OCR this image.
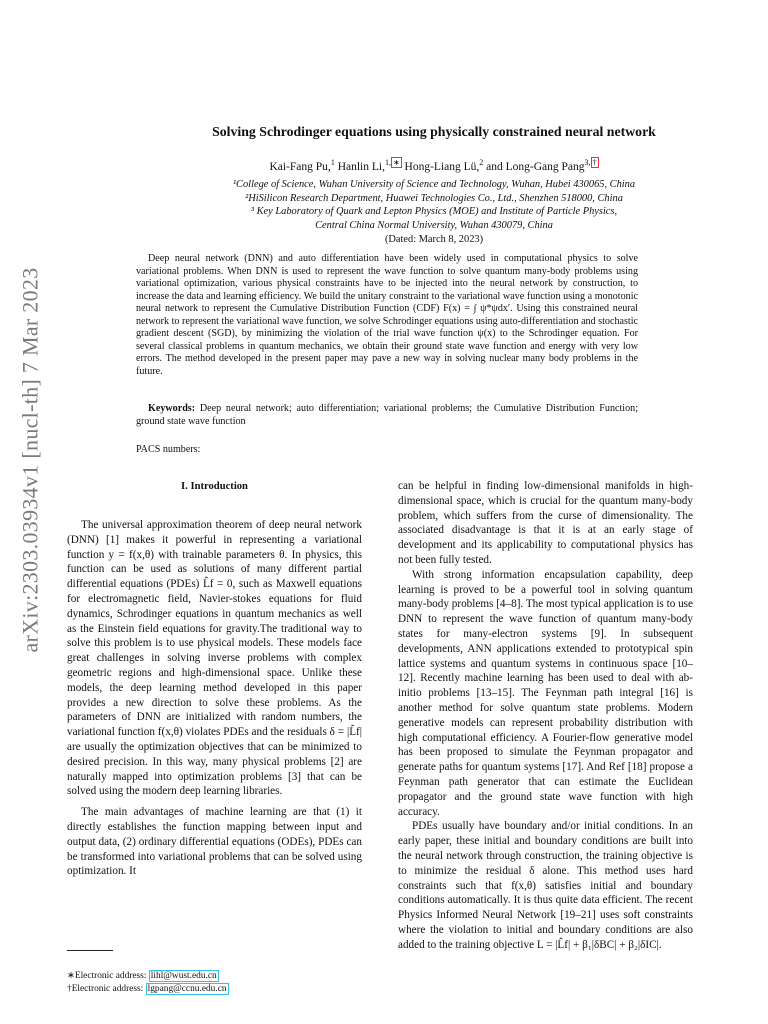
arXiv:2303.03934v1 [nucl-th] 7 Mar 2023
Solving Schrodinger equations using physically constrained neural network
Kai-Fang Pu,$^1$ Hanlin Li,$^{1, ∗}$ Hong-Liang Lü,$^2$ and Long-Gang Pang$^{3, \dagger}$
¹College of Science, Wuhan University of Science and Technology, Wuhan, Hubei 430065, China
²HiSilicon Research Department, Huawei Technologies Co., Ltd., Shenzhen 518000, China
³ Key Laboratory of Quark and Lepton Physics (MOE) and Institute of Particle Physics,
Central China Normal University, Wuhan 430079, China
(Dated: March 8, 2023)

Deep neural network (DNN) and auto differentiation have been widely used in computational physics to solve variational problems. When DNN is used to represent the wave function to solve quantum many-body problems using variational optimization, various physical constraints have to be injected into the neural network by construction, to increase the data and learning efficiency. We build the unitary constraint to the variational wave function using a monotonic neural network to represent the Cumulative Distribution Function (CDF) F(x) = ∫ ψ*ψdx′. Using this constrained neural network to represent the variational wave function, we solve Schrodinger equations using auto-differentiation and stochastic gradient descent (SGD), by minimizing the violation of the trial wave function ψ(x) to the Schrodinger equation. For several classical problems in quantum mechanics, we obtain their ground state wave function and energy with very low errors. The method developed in the present paper may pave a new way in solving nuclear many body problems in the future.

Keywords: Deep neural network; auto differentiation; variational problems; the Cumulative Distribution Function; ground state wave function

PACS numbers:
I. Introduction

The universal approximation theorem of deep neural network (DNN) [1] makes it powerful in representing a variational function y = f(x,θ) with trainable parameters θ. In physics, this function can be used as solutions of many different partial differential equations (PDEs) L̂f = 0, such as Maxwell equations for electromagnetic field, Navier-stokes equations for fluid dynamics, Schrodinger equations in quantum mechanics as well as the Einstein field equations for gravity.The traditional way to solve this problem is to use physical models. These models face great challenges in solving inverse problems with complex geometric regions and high-dimensional space. Unlike these models, the deep learning method developed in this paper provides a new direction to solve these problems. As the parameters of DNN are initialized with random numbers, the variational function f(x,θ) violates PDEs and the residuals δ = |L̂f| are usually the optimization objectives that can be minimized to desired precision. In this way, many physical problems [2] are naturally mapped into optimization problems [3] that can be solved using the modern deep learning libraries.

The main advantages of machine learning are that (1) it directly establishes the function mapping between input and output data, (2) ordinary differential equations (ODEs), PDEs can be transformed into variational problems that can be solved using optimization. It

can be helpful in finding low-dimensional manifolds in high-dimensional space, which is crucial for the quantum many-body problem, which suffers from the curse of dimensionality. The associated disadvantage is that it is at an early stage of development and its applicability to computational physics has not been fully tested.

With strong information encapsulation capability, deep learning is proved to be a powerful tool in solving quantum many-body problems [4–8]. The most typical application is to use DNN to represent the wave function of quantum many-body states for many-electron systems [9]. In subsequent developments, ANN applications extended to prototypical spin lattice systems and quantum systems in continuous space [10–12]. Recently machine learning has been used to deal with ab-initio problems [13–15]. The Feynman path integral [16] is another method for solve quantum state problems. Modern generative models can represent probability distribution with high computational efficiency. A Fourier-flow generative model has been proposed to simulate the Feynman propagator and generate paths for quantum systems [17]. And Ref [18] propose a Feynman path generator that can estimate the Euclidean propagator and the ground state wave function with high accuracy.

PDEs usually have boundary and/or initial conditions. In an early paper, these initial and boundary conditions are built into the neural network through construction, the training objective is to minimize the residual δ alone. This method uses hard constraints such that f(x,θ) satisfies initial and boundary conditions automatically. It is thus quite data efficient. The recent Physics Informed Neural Network [19–21] uses soft constraints where the violation to initial and boundary conditions are also added to the training objective L = |L̂f| + β₁|δBC| + β₂|δIC|.

∗Electronic address: lihl@wust.edu.cn
†Electronic address: lgpang@ccnu.edu.cn
